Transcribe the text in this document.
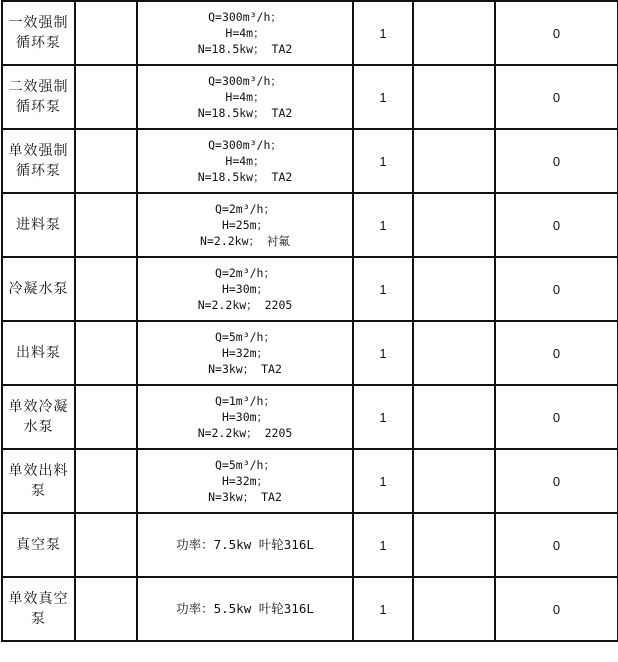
一效强制循环泵		Q=300m³/h；
H=4m；
N=18.5kw； TA2	1		0
二效强制循环泵		Q=300m³/h；
H=4m；
N=18.5kw； TA2	1		0
单效强制循环泵		Q=300m³/h；
H=4m；
N=18.5kw； TA2	1		0
进料泵		Q=2m³/h；
H=25m；
N=2.2kw； 衬氟	1		0
冷凝水泵		Q=2m³/h；
H=30m；
N=2.2kw； 2205	1		0
出料泵		Q=5m³/h；
H=32m；
N=3kw； TA2	1		0
单效冷凝水泵		Q=1m³/h；
H=30m；
N=2.2kw； 2205	1		0
单效出料泵		Q=5m³/h；
H=32m；
N=3kw； TA2	1		0
真空泵		功率：7.5kw 叶轮316L	1		0
单效真空泵		功率：5.5kw 叶轮316L	1		0
